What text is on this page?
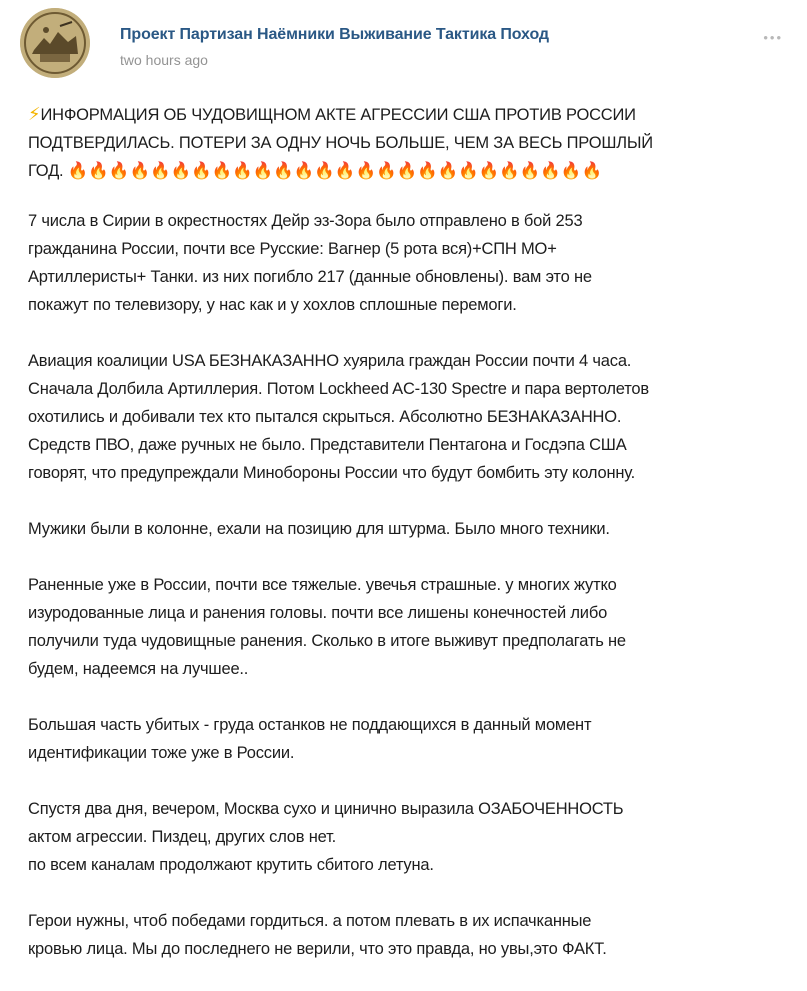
Проект Партизан Наёмники Выживание Тактика Поход
two hours ago
•••
⚡ИНФОРМАЦИЯ ОБ ЧУДОВИЩНОМ АКТЕ АГРЕССИИ США ПРОТИВ РОССИИ
ПОДТВЕРДИЛАСЬ. ПОТЕРИ ЗА ОДНУ НОЧЬ БОЛЬШЕ, ЧЕМ ЗА ВЕСЬ ПРОШЛЫЙ
ГОД. 🔥🔥🔥🔥🔥🔥🔥🔥🔥🔥🔥🔥🔥🔥🔥🔥🔥🔥🔥🔥🔥🔥🔥🔥🔥🔥
7 числа в Сирии в окрестностях Дейр эз-Зора было отправлено в бой 253
гражданина России, почти все Русские: Вагнер (5 рота вся)+СПН МО+
Артиллеристы+ Танки. из них погибло 217 (данные обновлены). вам это не
покажут по телевизору, у нас как и у хохлов сплошные перемоги.
Авиация коалиции USA БЕЗНАКАЗАННО хуярила граждан России почти 4 часа.
Сначала Долбила Артиллерия. Потом Lockheed AC-130 Spectre и пара вертолетов
охотились и добивали тех кто пытался скрыться. Абсолютно БЕЗНАКАЗАННО.
Средств ПВО, даже ручных не было. Представители Пентагона и Госдэпа США
говорят, что предупреждали Минобороны России что будут бомбить эту колонну.
Мужики были в колонне, ехали на позицию для штурма. Было много техники.
Раненные уже в России, почти все тяжелые. увечья страшные. у многих жутко
изуродованные лица и ранения головы. почти все лишены конечностей либо
получили туда чудовищные ранения. Сколько в итоге выживут предполагать не
будем, надеемся на лучшее..
Большая часть убитых - груда останков не поддающихся в данный момент
идентификации тоже уже в России.
Спустя два дня, вечером, Москва сухо и цинично выразила ОЗАБОЧЕННОСТЬ
актом агрессии. Пиздец, других слов нет.
по всем каналам продолжают крутить сбитого летуна.
Герои нужны, чтоб победами гордиться. а потом плевать в их испачканные
кровью лица. Мы до последнего не верили, что это правда, но увы,это ФАКТ.
